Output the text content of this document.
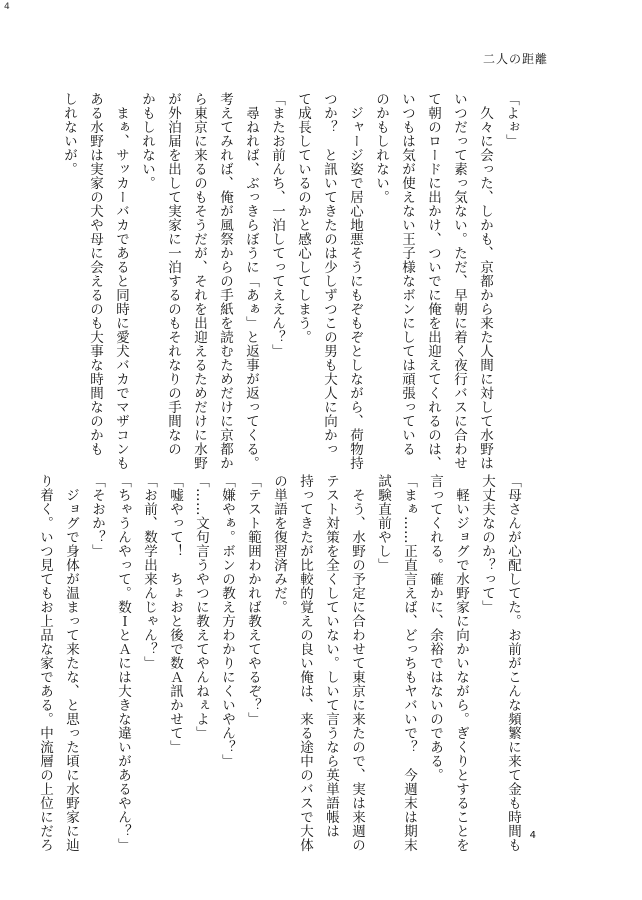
4
二人の距離
「よぉ」
　久々に会った、しかも、京都から来た人間に対して水野は
いつだって素っ気ない。ただ、早朝に着く夜行バスに合わせ
て朝のロードに出かけ、ついでに俺を出迎えてくれるのは、
いつもは気が使えない王子様なボンにしては頑張っている
のかもしれない。
　ジャージ姿で居心地悪そうにもぞもぞとしながら、荷物持
つか？　と訊いてきたのは少しずつこの男も大人に向かっ
て成長しているのかと感心してしまう。
「またお前んち、一泊してってええん？」
　尋ねれば、ぶっきらぼうに「あぁ」と返事が返ってくる。
考えてみれば、俺が風祭からの手紙を読むためだけに京都か
ら東京に来るのもそうだが、それを出迎えるためだけに水野
が外泊届を出して実家に一泊するのもそれなりの手間なの
かもしれない。
　まぁ、サッカーバカであると同時に愛犬バカでマザコンも
ある水野は実家の犬や母に会えるのも大事な時間なのかも
しれないが。
「母さんが心配してた。お前がこんな頻繁に来て金も時間も
大丈夫なのか？って」
　軽いジョグで水野家に向かいながら。ぎくりとすることを
言ってくれる。確かに、余裕ではないのである。
「まぁ……正直言えば、どっちもヤバいで？　今週末は期末
試験直前やし」
　そう、水野の予定に合わせて東京に来たので、実は来週の
テスト対策を全くしていない。しいて言うなら英単語帳は
持ってきたが比較的覚えの良い俺は、来る途中のバスで大体
の単語を復習済みだ。
「テスト範囲わかれば教えてやるぞ？」
「嫌やぁ。ボンの教え方わかりにくいやん？」
「……文句言うやつに教えてやんねぇよ」
「嘘やって！　ちょおと後で数Ａ訊かせて」
「お前、数学出来んじゃん？」
「ちゃうんやって。数ＩとＡには大きな違いがあるやん？」
「そおか？」
　ジョグで身体が温まって来たな、と思った頃に水野家に辿
り着く。いつ見てもお上品な家である。中流層の上位にだろ	4
